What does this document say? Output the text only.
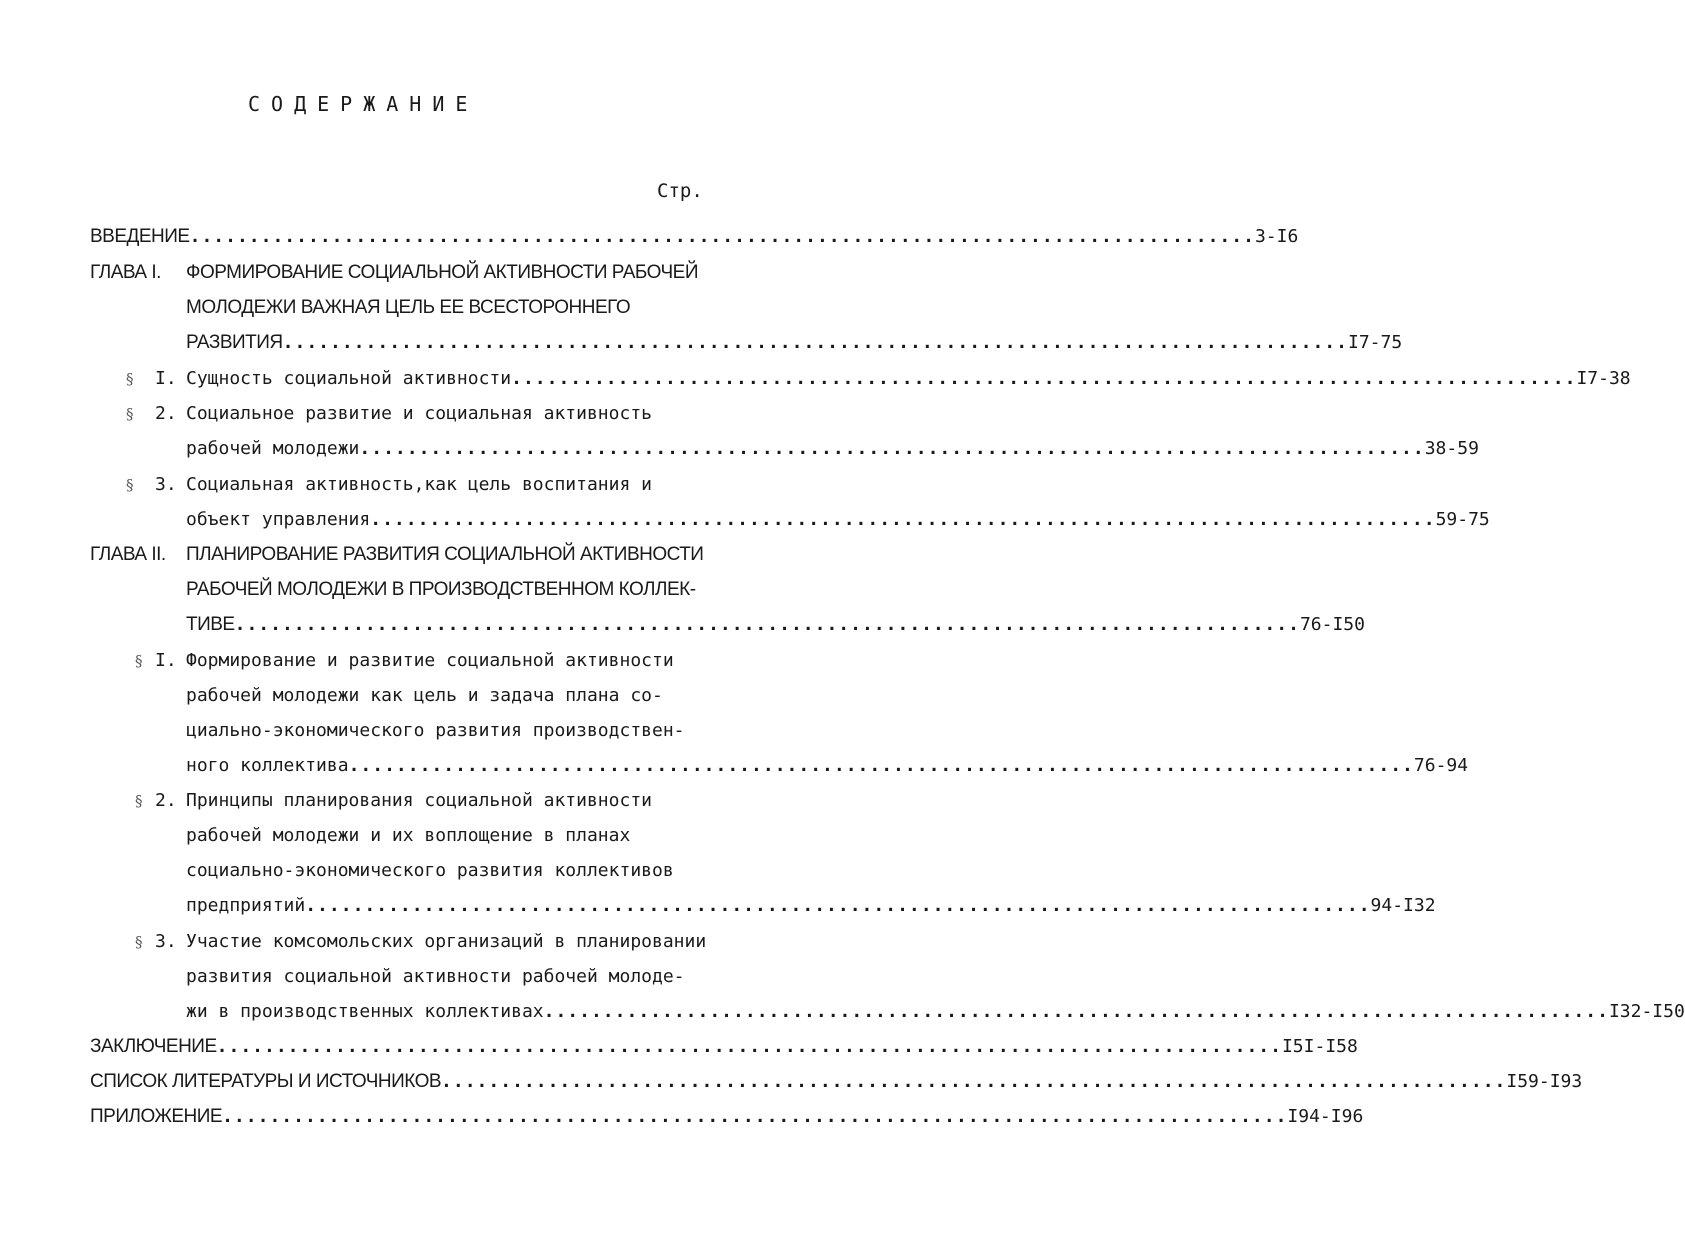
СОДЕРЖАНИЕ
Стр.
ВВЕДЕНИЕ .......................................................................................... 3-I6
ГЛАВА I. ФОРМИРОВАНИЕ СОЦИАЛЬНОЙ АКТИВНОСТИ РАБОЧЕЙ
МОЛОДЕЖИ ВАЖНАЯ ЦЕЛЬ ЕЕ ВСЕСТОРОННЕГО
РАЗВИТИЯ .......................................................................................... I7-75
§ I. Сущность социальной активности .......................................................................................... I7-38
§ 2. Социальное развитие и социальная активность
рабочей молодежи .......................................................................................... 38-59
§ 3. Социальная активность,как цель воспитания и
объект управления .......................................................................................... 59-75
ГЛАВА II. ПЛАНИРОВАНИЕ РАЗВИТИЯ СОЦИАЛЬНОЙ АКТИВНОСТИ
РАБОЧЕЙ МОЛОДЕЖИ В ПРОИЗВОДСТВЕННОМ КОЛЛЕК-
ТИВЕ .......................................................................................... 76-I50
§ I. Формирование и развитие социальной активности
рабочей молодежи как цель и задача плана со-
циально-экономического развития производствен-
ного коллектива .......................................................................................... 76-94
§ 2. Принципы планирования социальной активности
рабочей молодежи и их воплощение в планах
социально-экономического развития коллективов
предприятий .......................................................................................... 94-I32
§ 3. Участие комсомольских организаций в планировании
развития социальной активности рабочей молоде-
жи в производственных коллективах .......................................................................................... I32-I50
ЗАКЛЮЧЕНИЕ .......................................................................................... I5I-I58
СПИСОК ЛИТЕРАТУРЫ И ИСТОЧНИКОВ .......................................................................................... I59-I93
ПРИЛОЖЕНИЕ .......................................................................................... I94-I96
